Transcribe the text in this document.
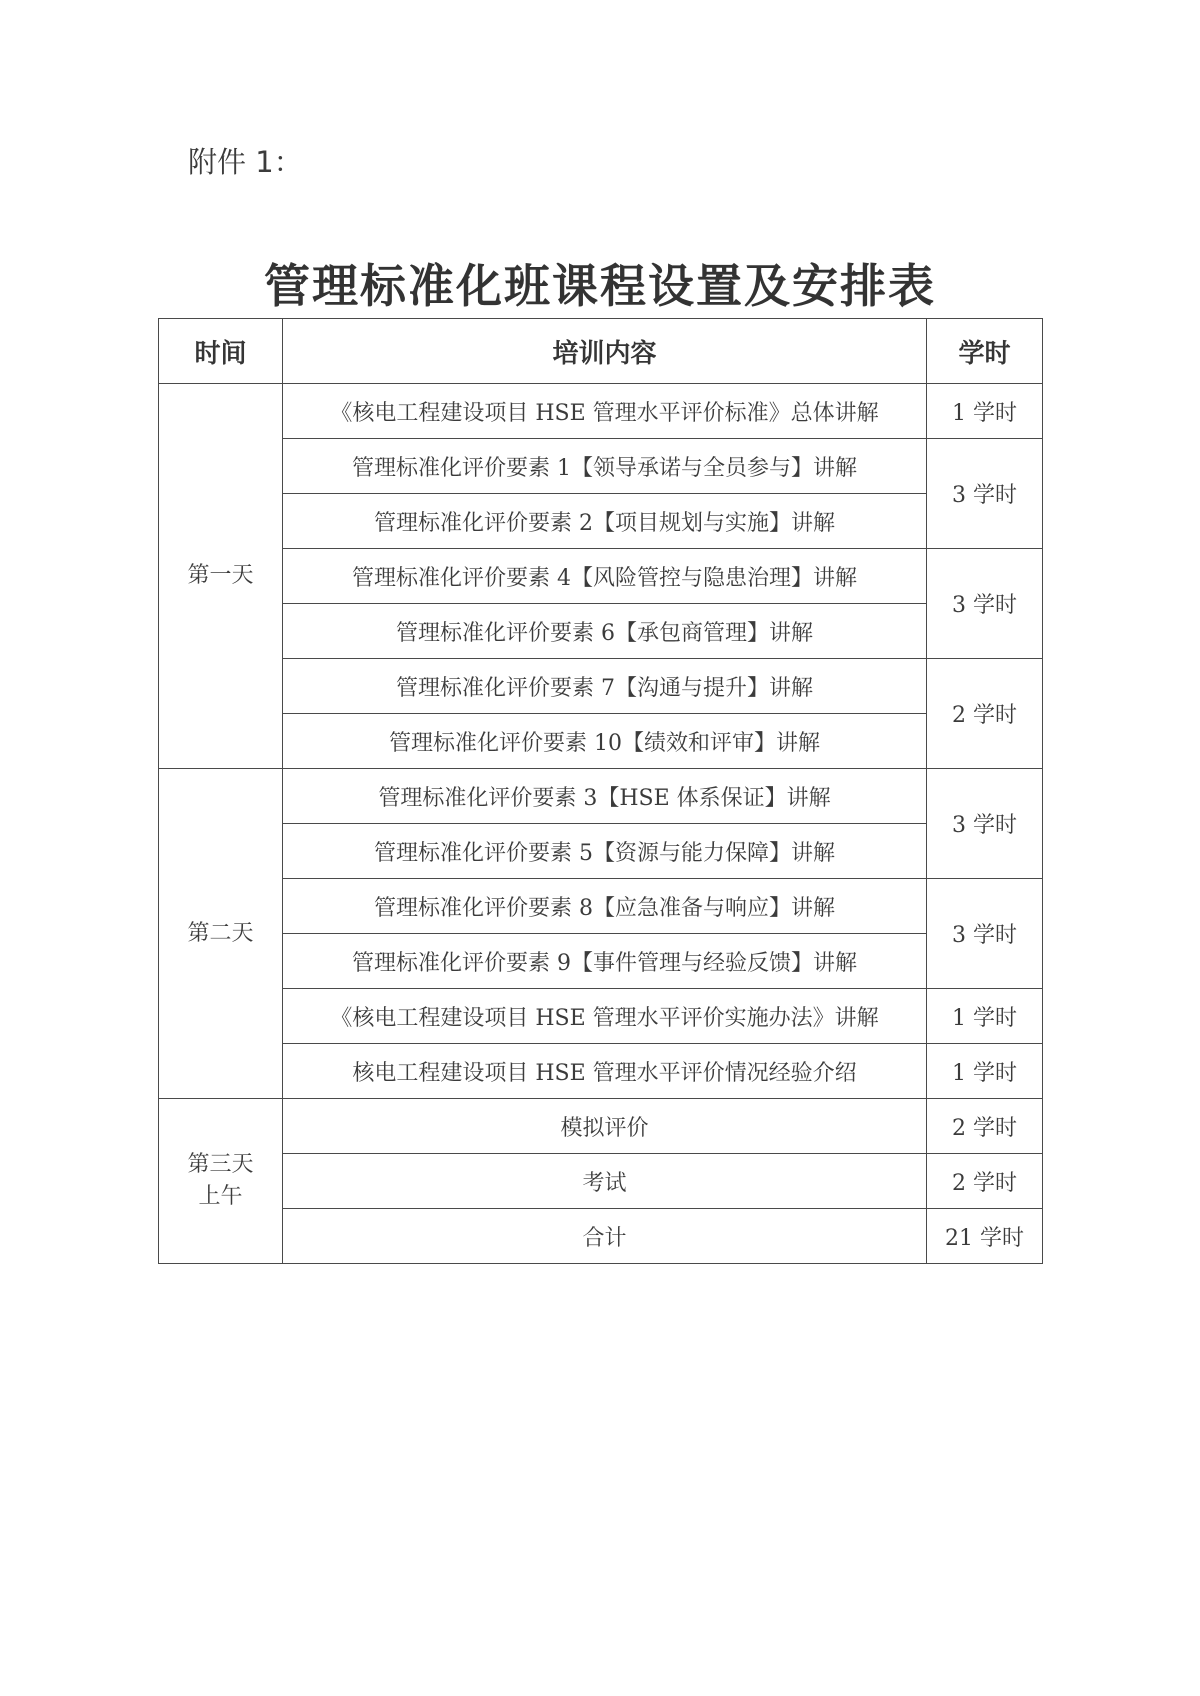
附件 1：
管理标准化班课程设置及安排表
时间	培训内容	学时
第一天	《核电工程建设项目 HSE 管理水平评价标准》总体讲解	1 学时
	管理标准化评价要素 1【领导承诺与全员参与】讲解	3 学时
	管理标准化评价要素 2【项目规划与实施】讲解	
	管理标准化评价要素 4【风险管控与隐患治理】讲解	3 学时
	管理标准化评价要素 6【承包商管理】讲解	
	管理标准化评价要素 7【沟通与提升】讲解	2 学时
	管理标准化评价要素 10【绩效和评审】讲解	
第二天	管理标准化评价要素 3【HSE 体系保证】讲解	3 学时
	管理标准化评价要素 5【资源与能力保障】讲解	
	管理标准化评价要素 8【应急准备与响应】讲解	3 学时
	管理标准化评价要素 9【事件管理与经验反馈】讲解	
	《核电工程建设项目 HSE 管理水平评价实施办法》讲解	1 学时
	核电工程建设项目 HSE 管理水平评价情况经验介绍	1 学时

第三天
上午	模拟评价	2 学时
	考试	2 学时
	合计	21 学时
